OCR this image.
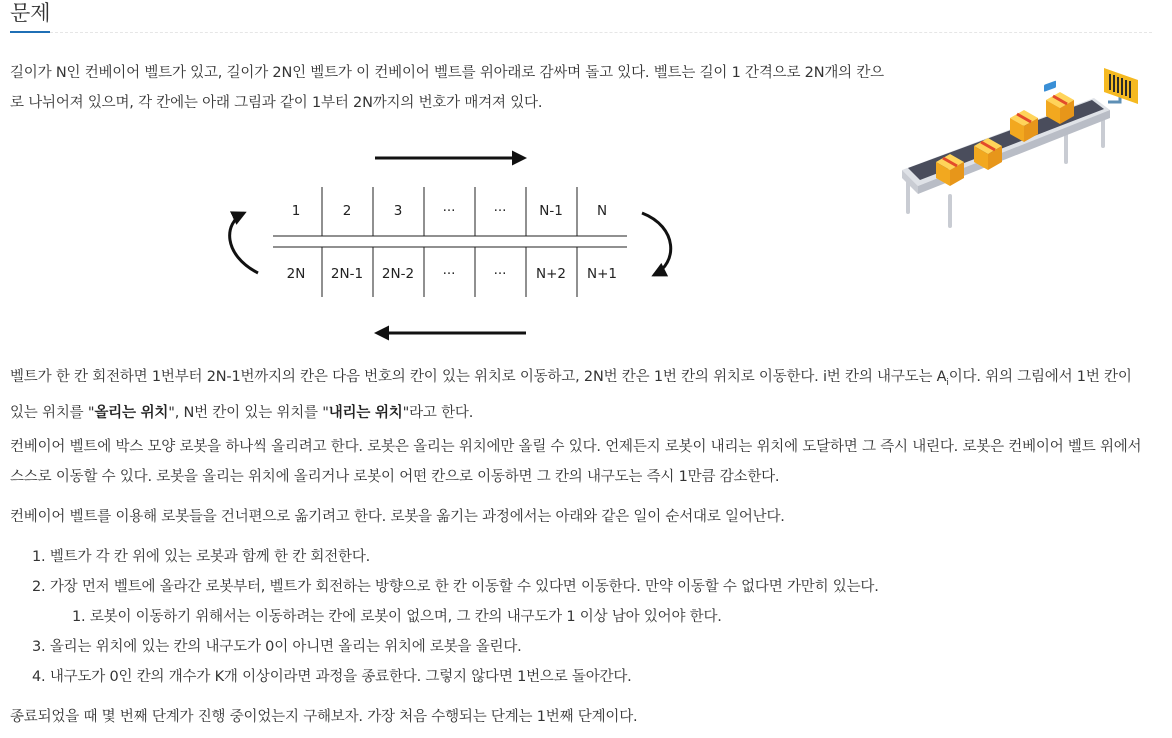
문제
길이가 N인 컨베이어 벨트가 있고, 길이가 2N인 벨트가 이 컨베이어 벨트를 위아래로 감싸며 돌고 있다. 벨트는 길이 1 간격으로 2N개의 칸으로 나뉘어져 있으며, 각 칸에는 아래 그림과 같이 1부터 2N까지의 번호가 매겨져 있다.
1	2	3	···	··· N-1	N
2N 2N-1 2N-2 ···	··· N+2 N+1
벨트가 한 칸 회전하면 1번부터 2N-1번까지의 칸은 다음 번호의 칸이 있는 위치로 이동하고, 2N번 칸은 1번 칸의 위치로 이동한다. i번 칸의 내구도는 $A_i$이다. 위의 그림에서 1번 칸이 있는 위치를 "올리는 위치", N번 칸이 있는 위치를 "내리는 위치"라고 한다.
컨베이어 벨트에 박스 모양 로봇을 하나씩 올리려고 한다. 로봇은 올리는 위치에만 올릴 수 있다. 언제든지 로봇이 내리는 위치에 도달하면 그 즉시 내린다. 로봇은 컨베이어 벨트 위에서 스스로 이동할 수 있다. 로봇을 올리는 위치에 올리거나 로봇이 어떤 칸으로 이동하면 그 칸의 내구도는 즉시 1만큼 감소한다.
컨베이어 벨트를 이용해 로봇들을 건너편으로 옮기려고 한다. 로봇을 옮기는 과정에서는 아래와 같은 일이 순서대로 일어난다.
1. 벨트가 각 칸 위에 있는 로봇과 함께 한 칸 회전한다.
2. 가장 먼저 벨트에 올라간 로봇부터, 벨트가 회전하는 방향으로 한 칸 이동할 수 있다면 이동한다. 만약 이동할 수 없다면 가만히 있는다.
1. 로봇이 이동하기 위해서는 이동하려는 칸에 로봇이 없으며, 그 칸의 내구도가 1 이상 남아 있어야 한다.
3. 올리는 위치에 있는 칸의 내구도가 0이 아니면 올리는 위치에 로봇을 올린다.
4. 내구도가 0인 칸의 개수가 K개 이상이라면 과정을 종료한다. 그렇지 않다면 1번으로 돌아간다.
종료되었을 때 몇 번째 단계가 진행 중이었는지 구해보자. 가장 처음 수행되는 단계는 1번째 단계이다.
